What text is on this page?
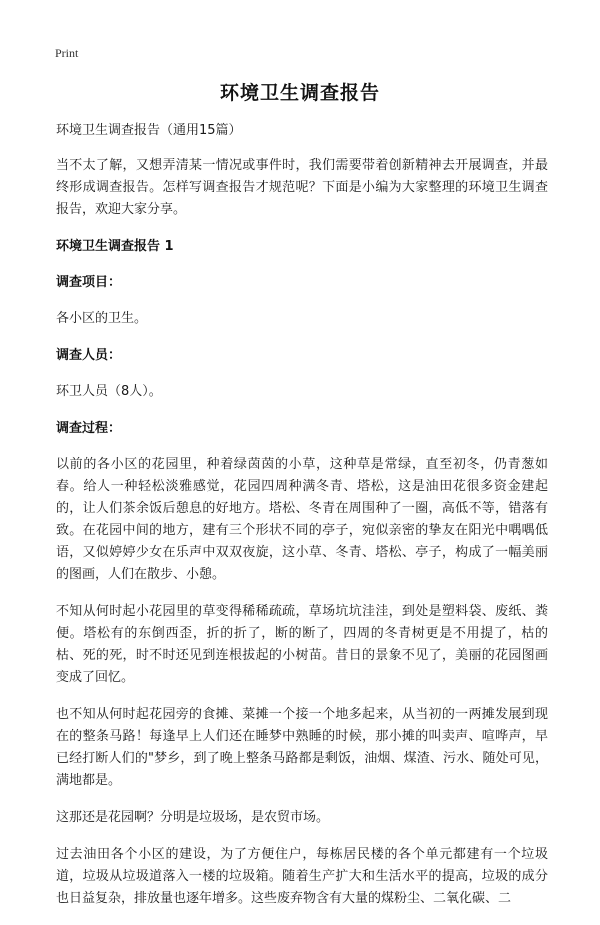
Print
环境卫生调查报告

环境卫生调查报告（通用15篇）

当不太了解，又想弄清某一情况或事件时，我们需要带着创新精神去开展调查，并最终形成调查报告。怎样写调查报告才规范呢？下面是小编为大家整理的环境卫生调查报告，欢迎大家分享。

环境卫生调查报告 1

调查项目：

各小区的卫生。

调查人员：

环卫人员（8人）。

调查过程：

以前的各小区的花园里，种着绿茵茵的小草，这种草是常绿，直至初冬，仍青葱如春。给人一种轻松淡雅感觉，花园四周种满冬青、塔松，这是油田花很多资金建起的，让人们茶余饭后憩息的好地方。塔松、冬青在周围种了一圈，高低不等，错落有致。在花园中间的地方，建有三个形状不同的亭子，宛似亲密的挚友在阳光中喁喁低语，又似婷婷少女在乐声中双双夜旋，这小草、冬青、塔松、亭子，构成了一幅美丽的图画，人们在散步、小憩。

不知从何时起小花园里的草变得稀稀疏疏，草场坑坑洼洼，到处是塑料袋、废纸、粪便。塔松有的东倒西歪，折的折了，断的断了，四周的冬青树更是不用提了，枯的枯、死的死，时不时还见到连根拔起的小树苗。昔日的景象不见了，美丽的花园图画变成了回忆。

也不知从何时起花园旁的食摊、菜摊一个接一个地多起来，从当初的一两摊发展到现在的整条马路！每逢早上人们还在睡梦中熟睡的时候，那小摊的叫卖声、喧哗声，早已经打断人们的"梦乡，到了晚上整条马路都是剩饭，油烟、煤渣、污水、随处可见，满地都是。

这那还是花园啊？分明是垃圾场，是农贸市场。

过去油田各个小区的建设，为了方便住户，每栋居民楼的各个单元都建有一个垃圾道，垃圾从垃圾道落入一楼的垃圾箱。随着生产扩大和生活水平的提高，垃圾的成分也日益复杂，排放量也逐年增多。这些废弃物含有大量的煤粉尘、二氧化碳、二
